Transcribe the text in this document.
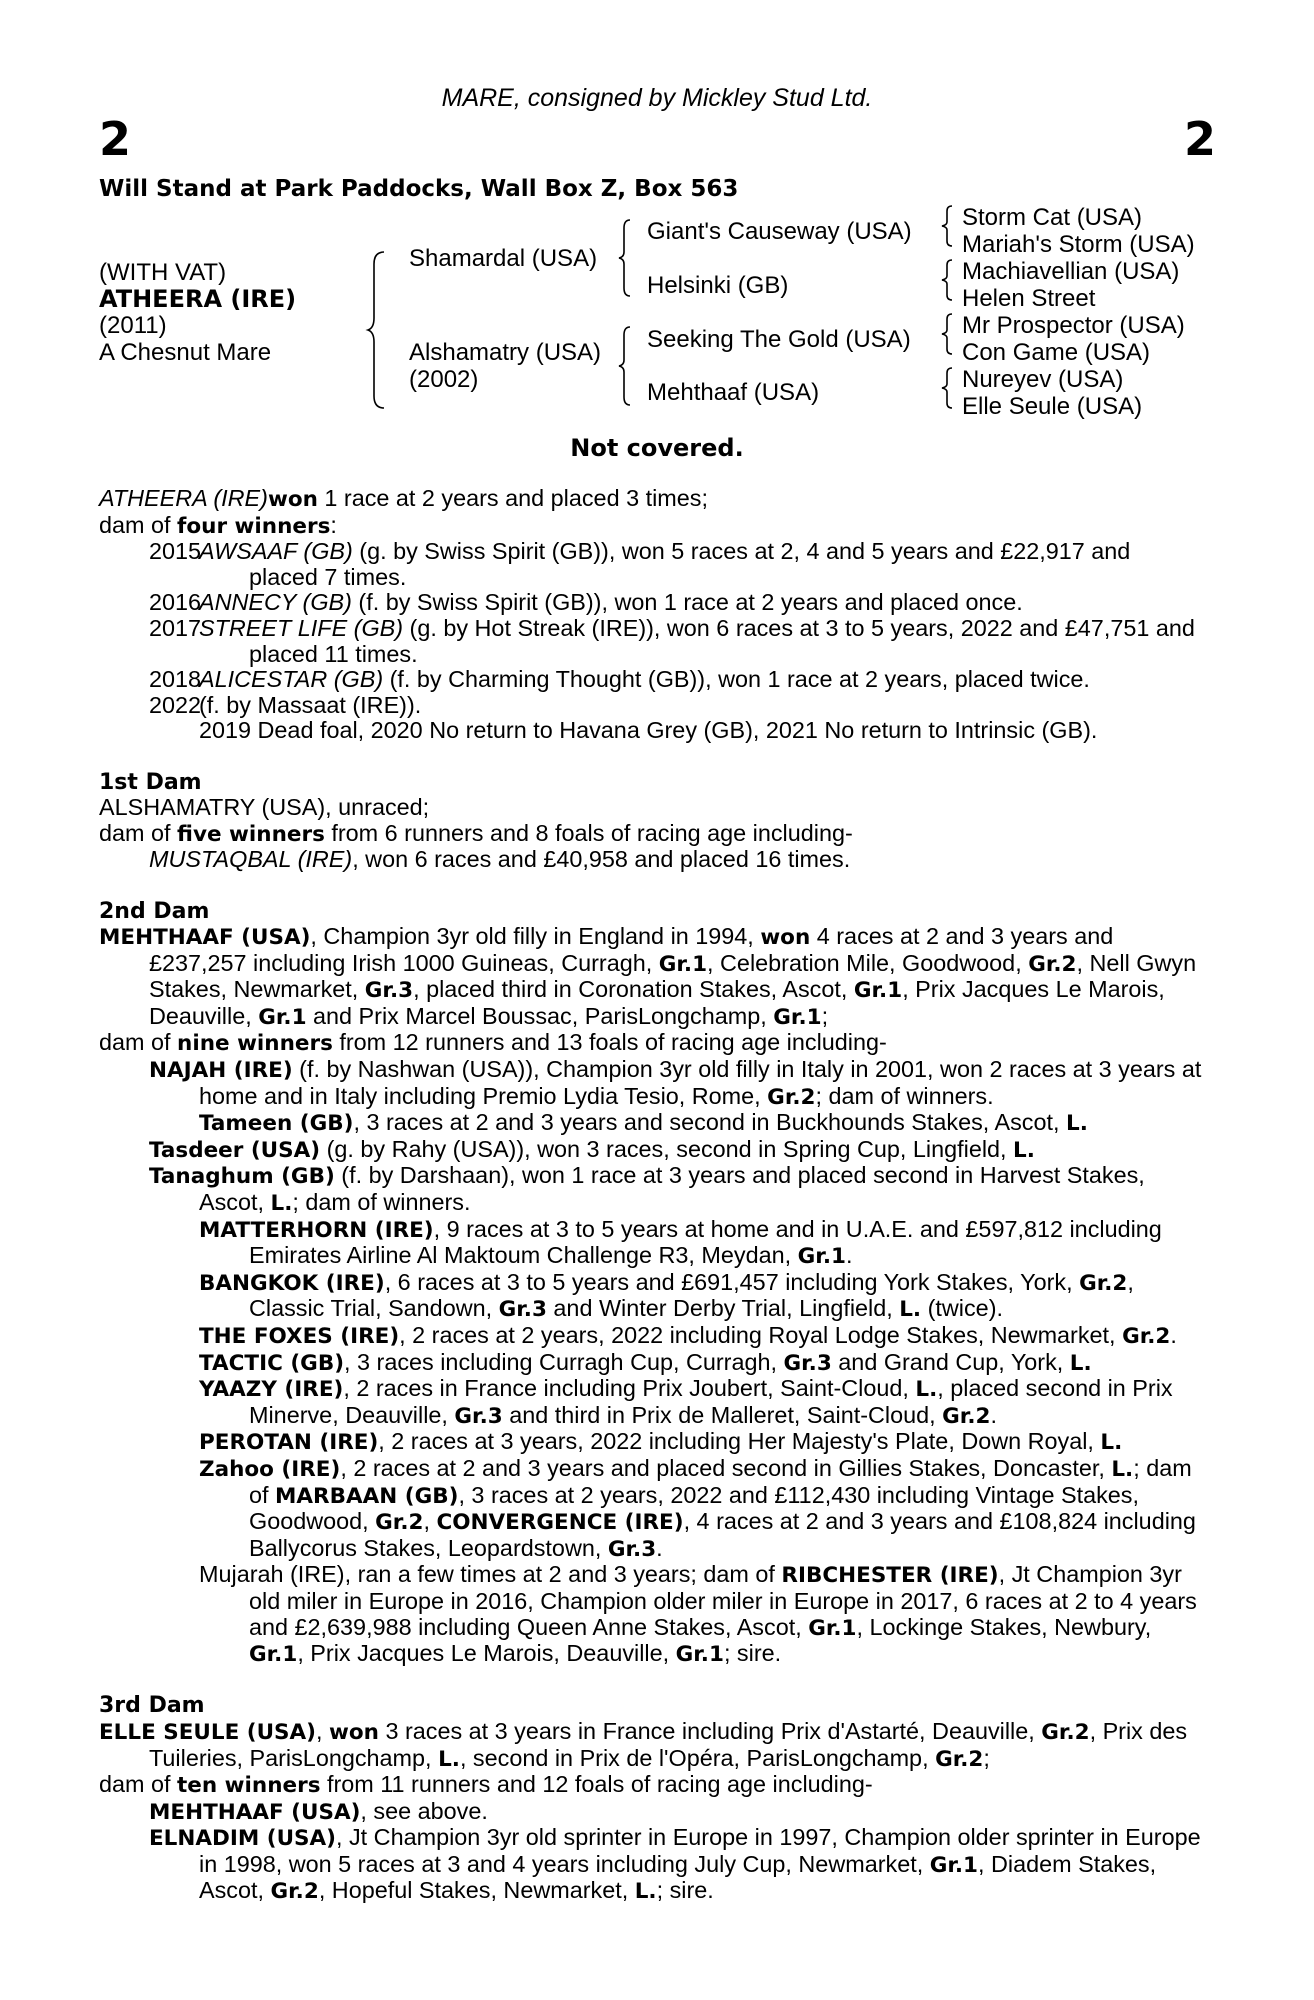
2	2
MARE, consigned by Mickley Stud Ltd.
Will Stand at Park Paddocks, Wall Box Z, Box 563
(WITH VAT)
ATHEERA (IRE)
(2011)
A Chesnut Mare
Shamardal (USA)
Alshamatry (USA)
(2002)
Giant's Causeway (USA)
Helsinki (GB)
Seeking The Gold (USA)
Mehthaaf (USA)
Storm Cat (USA)
Mariah's Storm (USA)
Machiavellian (USA)
Helen Street
Mr Prospector (USA)
Con Game (USA)
Nureyev (USA)
Elle Seule (USA)
Not covered.

ATHEERA (IRE)won 1 race at 2 years and placed 3 times;

dam of four winners:

2015
AWSAAF (GB) (g. by Swiss Spirit (GB)), won 5 races at 2, 4 and 5 years and £22,917 and placed 7 times.
2016
ANNECY (GB) (f. by Swiss Spirit (GB)), won 1 race at 2 years and placed once.
2017
STREET LIFE (GB) (g. by Hot Streak (IRE)), won 6 races at 3 to 5 years, 2022 and £47,751 and placed 11 times.
2018
ALICESTAR (GB) (f. by Charming Thought (GB)), won 1 race at 2 years, placed twice.
2022
(f. by Massaat (IRE)).
2019 Dead foal, 2020 No return to Havana Grey (GB), 2021 No return to Intrinsic (GB).

1st Dam

ALSHAMATRY (USA), unraced;

dam of five winners from 6 runners and 8 foals of racing age including-

MUSTAQBAL (IRE), won 6 races and £40,958 and placed 16 times.

2nd Dam

MEHTHAAF (USA), Champion 3yr old filly in England in 1994, won 4 races at 2 and 3 years and £237,257 including Irish 1000 Guineas, Curragh, Gr.1, Celebration Mile, Goodwood, Gr.2, Nell Gwyn Stakes, Newmarket, Gr.3, placed third in Coronation Stakes, Ascot, Gr.1, Prix Jacques Le Marois, Deauville, Gr.1 and Prix Marcel Boussac, ParisLongchamp, Gr.1;

dam of nine winners from 12 runners and 13 foals of racing age including-

NAJAH (IRE) (f. by Nashwan (USA)), Champion 3yr old filly in Italy in 2001, won 2 races at 3 years at home and in Italy including Premio Lydia Tesio, Rome, Gr.2; dam of winners.

Tameen (GB), 3 races at 2 and 3 years and second in Buckhounds Stakes, Ascot, L.

Tasdeer (USA) (g. by Rahy (USA)), won 3 races, second in Spring Cup, Lingfield, L.

Tanaghum (GB) (f. by Darshaan), won 1 race at 3 years and placed second in Harvest Stakes, Ascot, L.; dam of winners.

MATTERHORN (IRE), 9 races at 3 to 5 years at home and in U.A.E. and £597,812 including Emirates Airline Al Maktoum Challenge R3, Meydan, Gr.1.

BANGKOK (IRE), 6 races at 3 to 5 years and £691,457 including York Stakes, York, Gr.2, Classic Trial, Sandown, Gr.3 and Winter Derby Trial, Lingfield, L. (twice).

THE FOXES (IRE), 2 races at 2 years, 2022 including Royal Lodge Stakes, Newmarket, Gr.2.

TACTIC (GB), 3 races including Curragh Cup, Curragh, Gr.3 and Grand Cup, York, L.

YAAZY (IRE), 2 races in France including Prix Joubert, Saint-Cloud, L., placed second in Prix Minerve, Deauville, Gr.3 and third in Prix de Malleret, Saint-Cloud, Gr.2.

PEROTAN (IRE), 2 races at 3 years, 2022 including Her Majesty's Plate, Down Royal, L.

Zahoo (IRE), 2 races at 2 and 3 years and placed second in Gillies Stakes, Doncaster, L.; dam of MARBAAN (GB), 3 races at 2 years, 2022 and £112,430 including Vintage Stakes, Goodwood, Gr.2, CONVERGENCE (IRE), 4 races at 2 and 3 years and £108,824 including Ballycorus Stakes, Leopardstown, Gr.3.

Mujarah (IRE), ran a few times at 2 and 3 years; dam of RIBCHESTER (IRE), Jt Champion 3yr old miler in Europe in 2016, Champion older miler in Europe in 2017, 6 races at 2 to 4 years and £2,639,988 including Queen Anne Stakes, Ascot, Gr.1, Lockinge Stakes, Newbury, Gr.1, Prix Jacques Le Marois, Deauville, Gr.1; sire.

3rd Dam

ELLE SEULE (USA), won 3 races at 3 years in France including Prix d'Astarté, Deauville, Gr.2, Prix des Tuileries, ParisLongchamp, L., second in Prix de l'Opéra, ParisLongchamp, Gr.2;

dam of ten winners from 11 runners and 12 foals of racing age including-

MEHTHAAF (USA), see above.

ELNADIM (USA), Jt Champion 3yr old sprinter in Europe in 1997, Champion older sprinter in Europe in 1998, won 5 races at 3 and 4 years including July Cup, Newmarket, Gr.1, Diadem Stakes, Ascot, Gr.2, Hopeful Stakes, Newmarket, L.; sire.
